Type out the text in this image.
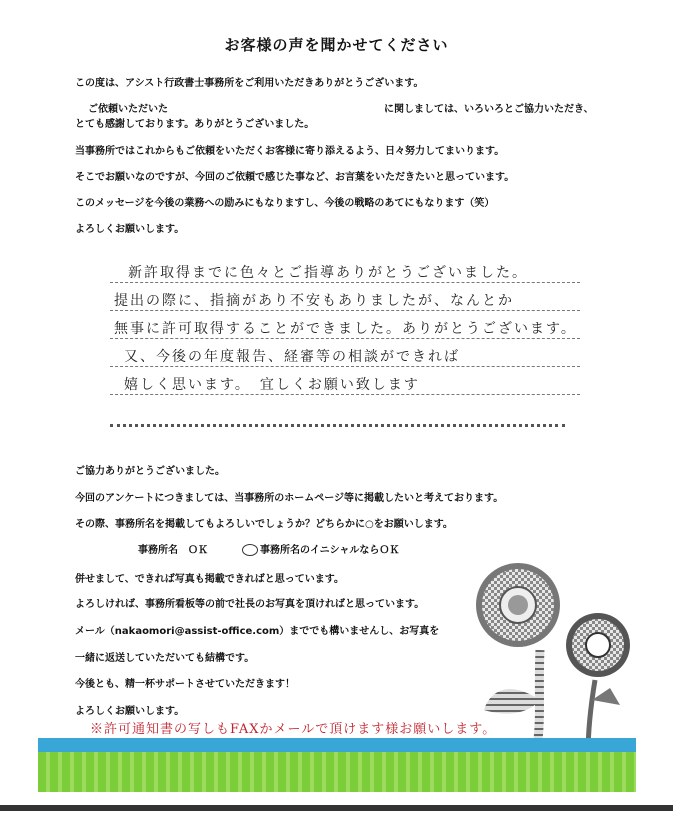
お客様の声を聞かせてください
この度は、アシスト行政書士事務所をご利用いただきありがとうございます。
ご依頼いただいた	に関しましては、いろいろとご協力いただき、
とても感謝しております。ありがとうございました。
当事務所ではこれからもご依頼をいただくお客様に寄り添えるよう、日々努力してまいります。
そこでお願いなのですが、今回のご依頼で感じた事など、お言葉をいただきたいと思っています。
このメッセージを今後の業務への励みにもなりますし、今後の戦略のあてにもなります（笑）
よろしくお願いします。
新許取得までに色々とご指導ありがとうございました。
提出の際に、指摘があり不安もありましたが、なんとか
無事に許可取得することができました。ありがとうございます。
又、今後の年度報告、経審等の相談ができれば
嬉しく思います。　宜しくお願い致します
ご協力ありがとうございました。
今回のアンケートにつきましては、当事務所のホームページ等に掲載したいと考えております。
その際、事務所名を掲載してもよろしいでしょうか？どちらかに○をお願いします。
事務所名　ＯＫ	事務所名のイニシャルならＯＫ
併せまして、できれば写真も掲載できればと思っています。
よろしければ、事務所看板等の前で社長のお写真を頂ければと思っています。
メール（nakaomori@assist-office.com）まででも構いませんし、お写真を
一緒に返送していただいても結構です。
今後とも、精一杯サポートさせていただきます！
よろしくお願いします。
※許可通知書の写しもFAXかメールで頂けます様お願いします。
